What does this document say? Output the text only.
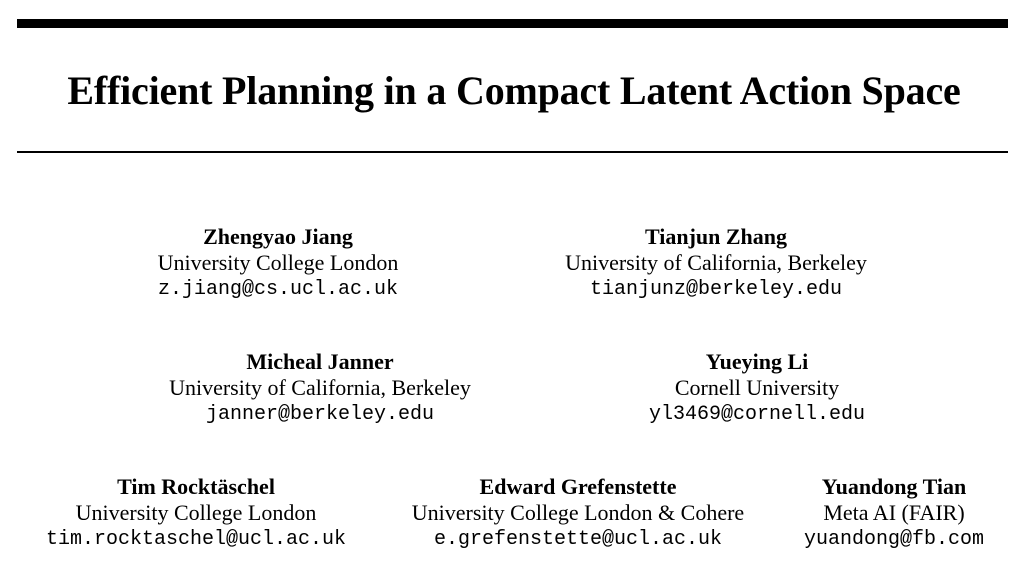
Efficient Planning in a Compact Latent Action Space
Zhengyao Jiang
University College London
z.jiang@cs.ucl.ac.uk
Tianjun Zhang
University of California, Berkeley
tianjunz@berkeley.edu
Micheal Janner
University of California, Berkeley
janner@berkeley.edu
Yueying Li
Cornell University
yl3469@cornell.edu
Tim Rocktäschel
University College London
tim.rocktaschel@ucl.ac.uk
Edward Grefenstette
University College London & Cohere
e.grefenstette@ucl.ac.uk
Yuandong Tian
Meta AI (FAIR)
yuandong@fb.com
